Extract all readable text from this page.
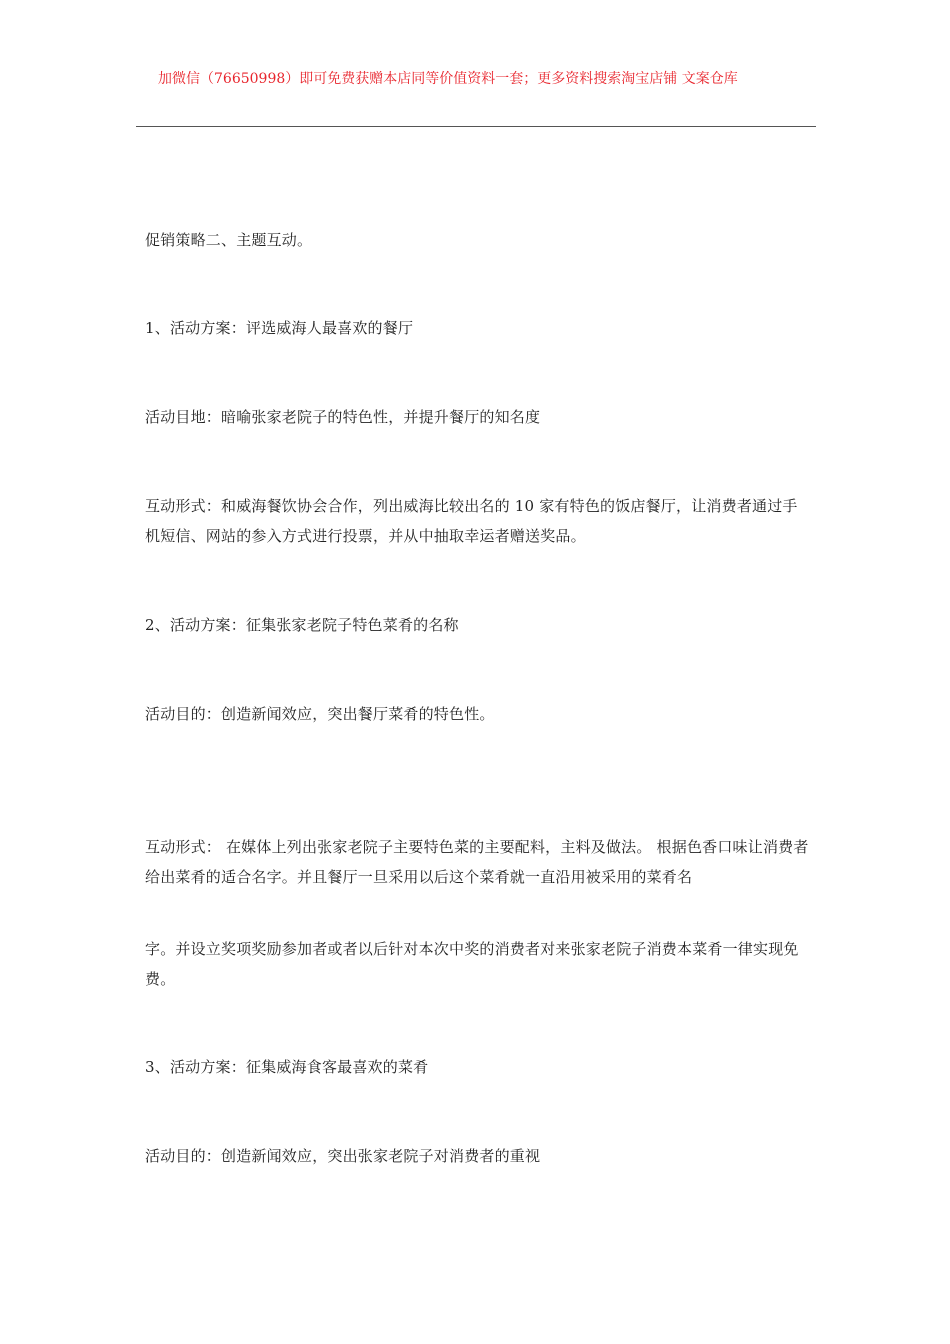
加微信（76650998）即可免费获赠本店同等价值资料一套；更多资料搜索淘宝店铺 文案仓库
促销策略二、主题互动。
1、活动方案：评选威海人最喜欢的餐厅
活动目地：暗喻张家老院子的特色性，并提升餐厅的知名度
互动形式：和威海餐饮协会合作，列出威海比较出名的 10 家有特色的饭店餐厅，让消费者通过手机短信、网站的参入方式进行投票，并从中抽取幸运者赠送奖品。
2、活动方案：征集张家老院子特色菜肴的名称
活动目的：创造新闻效应，突出餐厅菜肴的特色性。
互动形式： 在媒体上列出张家老院子主要特色菜的主要配料，主料及做法。 根据色香口味让消费者给出菜肴的适合名字。并且餐厅一旦采用以后这个菜肴就一直沿用被采用的菜肴名
字。并设立奖项奖励参加者或者以后针对本次中奖的消费者对来张家老院子消费本菜肴一律实现免费。
3、活动方案：征集威海食客最喜欢的菜肴
活动目的：创造新闻效应，突出张家老院子对消费者的重视
